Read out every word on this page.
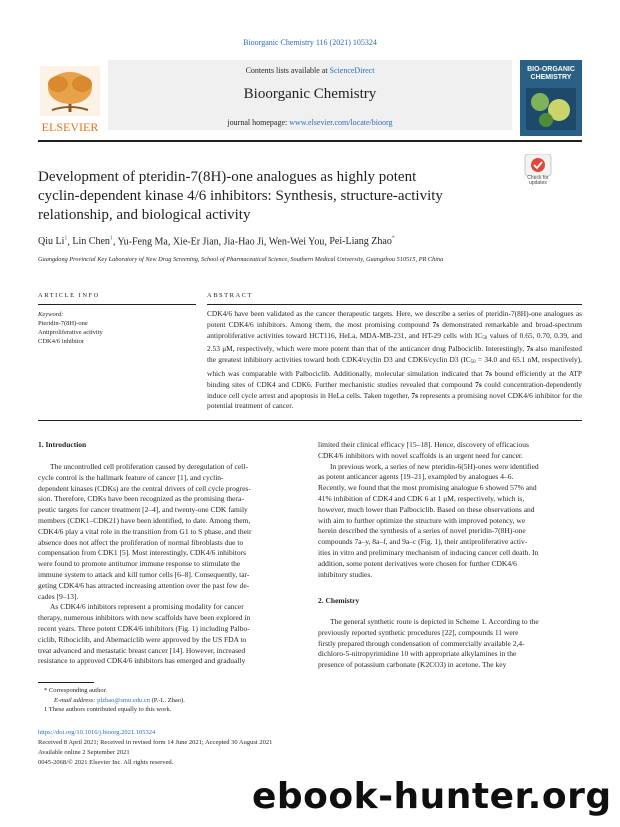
Bioorganic Chemistry 116 (2021) 105324
ELSEVIER
Contents lists available at ScienceDirect
Bioorganic Chemistry
journal homepage: www.elsevier.com/locate/bioorg
BIO-ORGANIC CHEMISTRY
Check for updates
Development of pteridin-7(8H)-one analogues as highly potent
cyclin-dependent kinase 4/6 inhibitors: Synthesis, structure-activity
relationship, and biological activity
Qiu Li$^1$, Lin Chen$^1$, Yu-Feng Ma, Xie-Er Jian, Jia-Hao Ji, Wen-Wei You, Pei-Liang Zhao*
Guangdong Provincial Key Laboratory of New Drug Screening, School of Pharmaceutical Science, Southern Medical University, Guangzhou 510515, PR China
ARTICLE INFO	ABSTRACT
Keyword:
Pteridin-7(8H)-one
Antiproliferative activity
CDK4/6 inhibitor
CDK4/6 have been validated as the cancer therapeutic targets. Here, we describe a series of pteridin-7(8H)-one analogues as potent CDK4/6 inhibitors. Among them, the most promising compound 7s demonstrated remarkable and broad-spectrum antiproliferative activities toward HCT116, HeLa, MDA-MB-231, and HT-29 cells with $IC_{50}$ values of 0.65, 0.70, 0.39, and 2.53 μM, respectively, which were more potent than that of the anticancer drug Palbociclib. Interestingly, 7s also manifested the greatest inhibitory activities toward both CDK4/cyclin D3 and CDK6/cyclin D3 ($IC_{50} = 34.0$ and 65.1 nM, respectively), which was comparable with Palbociclib. Additionally, molecular simulation indicated that 7s bound efficiently at the ATP binding sites of CDK4 and CDK6. Further mechanistic studies revealed that compound 7s could concentration-dependently induce cell cycle arrest and apoptosis in HeLa cells. Taken together, 7s represents a promising novel CDK4/6 inhibitor for the potential treatment of cancer.
1. Introduction
The uncontrolled cell proliferation caused by deregulation of cell-
cycle control is the hallmark feature of cancer [1], and cyclin-
dependent kinases (CDKs) are the central drivers of cell cycle progres-
sion. Therefore, CDKs have been recognized as the promising thera-
peutic targets for cancer treatment [2–4], and twenty-one CDK family
members (CDK1–CDK21) have been identified, to date. Among them,
CDK4/6 play a vital role in the transition from G1 to S phase, and their
absence does not affect the proliferation of normal fibroblasts due to
compensation from CDK1 [5]. Most interestingly, CDK4/6 inhibitors
were found to promote antitumor immune response to stimulate the
immune system to attack and kill tumor cells [6–8]. Consequently, tar-
geting CDK4/6 has attracted increasing attention over the past few de-
cades [9–13].
As CDK4/6 inhibitors represent a promising modality for cancer
therapy, numerous inhibitors with new scaffolds have been explored in
recent years. Three potent CDK4/6 inhibitors (Fig. 1) including Palbo-
ciclib, Ribociclib, and Abemaciclib were approved by the US FDA to
treat advanced and metastatic breast cancer [14]. However, increased
resistance to approved CDK4/6 inhibitors has emerged and gradually
limited their clinical efficacy [15–18]. Hence, discovery of efficacious
CDK4/6 inhibitors with novel scaffolds is an urgent need for cancer.
In previous work, a series of new pteridin-6(5H)-ones were identified
as potent anticancer agents [19–21], exampled by analogues 4–6.
Recently, we found that the most promising analogue 6 showed 57% and
41% inhibition of CDK4 and CDK 6 at 1 μM, respectively, which is,
however, much lower than Palbociclib. Based on these observations and
with aim to further optimize the structure with improved potency, we
herein described the synthesis of a series of novel pteridin-7(8H)-one
compounds 7a–y, 8a–f, and 9a–c (Fig. 1), their antiproliferative activ-
ities in vitro and preliminary mechanism of inducing cancer cell death. In
addition, some potent derivatives were chosen for further CDK4/6
inhibitory studies.
2. Chemistry
The general synthetic route is depicted in Scheme 1. According to the
previously reported synthetic procedures [22], compounds 11 were
firstly prepared through condensation of commercially available 2,4-
dichloro-5-nitropyrimidine 10 with appropriate alkylamines in the
presence of potassium carbonate (K2CO3) in acetone. The key
* Corresponding author.
E-mail address: plzhao@smu.edu.cn (P.-L. Zhao).
1 These authors contributed equally to this work.
https://doi.org/10.1016/j.bioorg.2021.105324
Received 8 April 2021; Received in revised form 14 June 2021; Accepted 30 August 2021
Available online 2 September 2021
0045-2068/© 2021 Elsevier Inc. All rights reserved.
ebook-hunter.org
